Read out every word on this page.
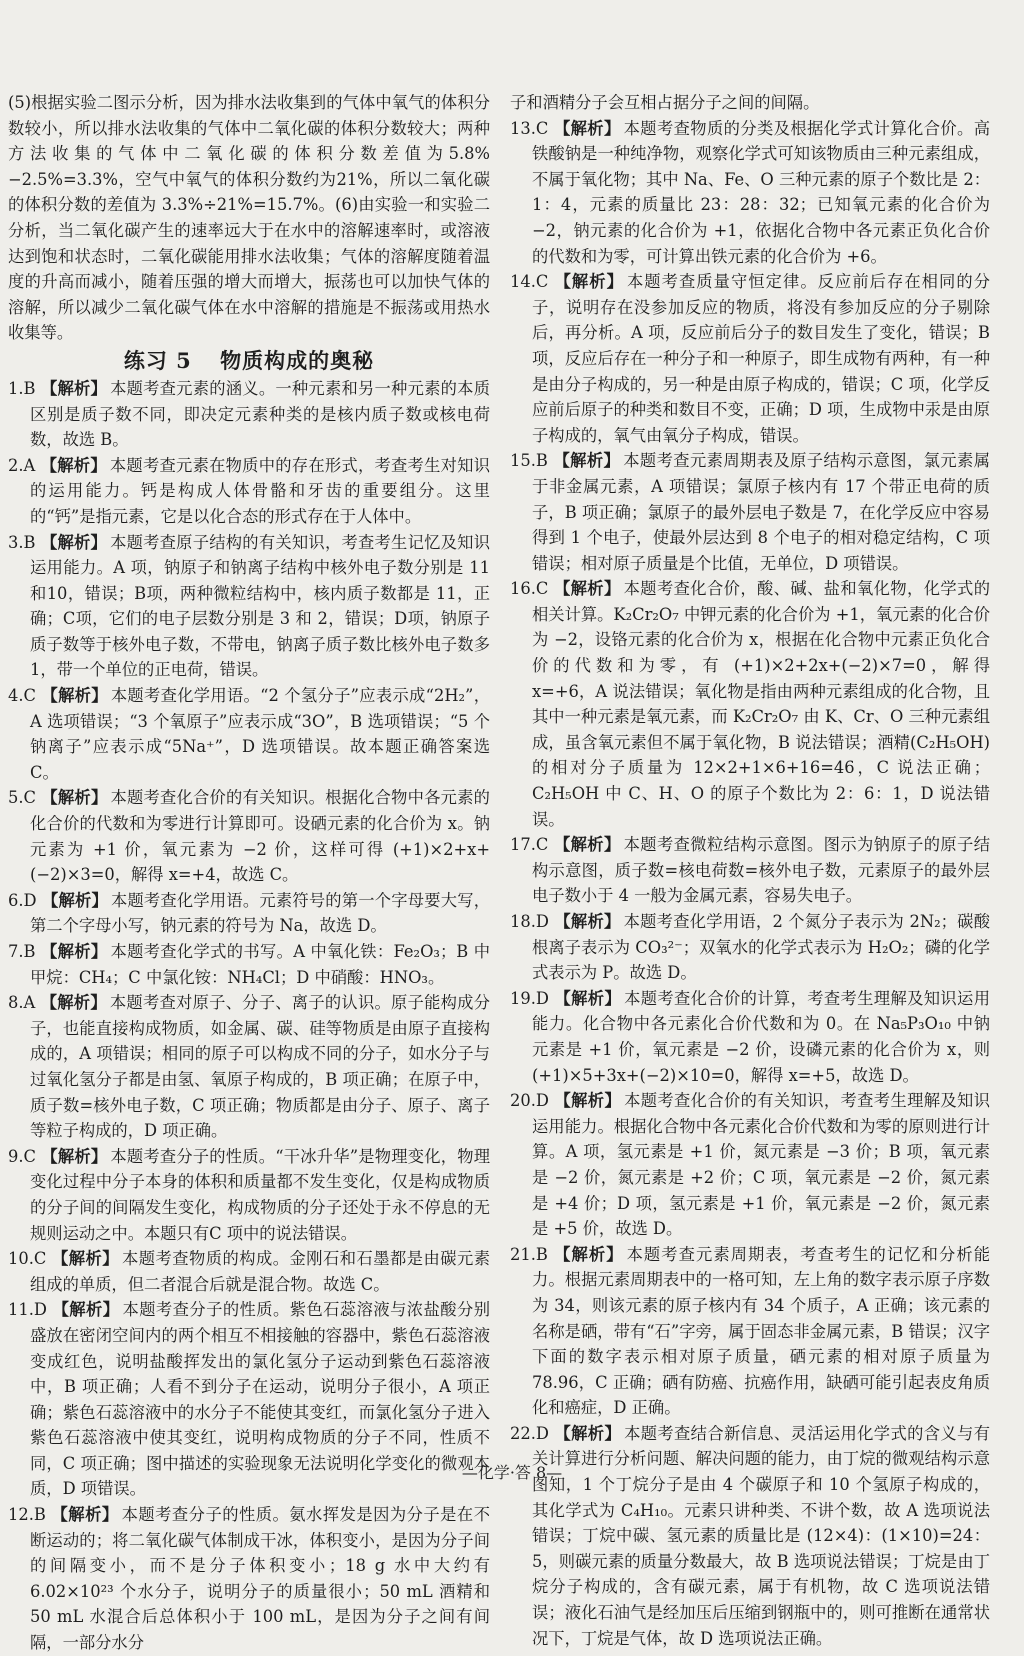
(5)根据实验二图示分析，因为排水法收集到的气体中氧气的体积分数较小，所以排水法收集的气体中二氧化碳的体积分数较大；两种方法收集的气体中二氧化碳的体积分数差值为5.8%−2.5%=3.3%，空气中氧气的体积分数约为21%，所以二氧化碳的体积分数的差值为 3.3%÷21%=15.7%。(6)由实验一和实验二分析，当二氧化碳产生的速率远大于在水中的溶解速率时，或溶液达到饱和状态时，二氧化碳能用排水法收集；气体的溶解度随着温度的升高而减小，随着压强的增大而增大，振荡也可以加快气体的溶解，所以减少二氧化碳气体在水中溶解的措施是不振荡或用热水收集等。

练习 5 物质构成的奥秘

1.B 【解析】 本题考查元素的涵义。一种元素和另一种元素的本质区别是质子数不同，即决定元素种类的是核内质子数或核电荷数，故选 B。

2.A 【解析】 本题考查元素在物质中的存在形式，考查考生对知识的运用能力。钙是构成人体骨骼和牙齿的重要组分。这里的“钙”是指元素，它是以化合态的形式存在于人体中。

3.B 【解析】 本题考查原子结构的有关知识，考查考生记忆及知识运用能力。A 项，钠原子和钠离子结构中核外电子数分别是 11和10，错误；B项，两种微粒结构中，核内质子数都是 11，正确；C项，它们的电子层数分别是 3 和 2，错误；D项，钠原子质子数等于核外电子数，不带电，钠离子质子数比核外电子数多 1，带一个单位的正电荷，错误。

4.C 【解析】 本题考查化学用语。“2 个氢分子”应表示成“2H₂”，A 选项错误；“3 个氧原子”应表示成“3O”，B 选项错误；“5 个钠离子”应表示成“5Na⁺”，D 选项错误。故本题正确答案选 C。

5.C 【解析】 本题考查化合价的有关知识。根据化合物中各元素的化合价的代数和为零进行计算即可。设硒元素的化合价为 x。钠元素为 +1 价，氧元素为 −2 价，这样可得 (+1)×2+x+(−2)×3=0，解得 x=+4，故选 C。

6.D 【解析】 本题考查化学用语。元素符号的第一个字母要大写，第二个字母小写，钠元素的符号为 Na，故选 D。

7.B 【解析】 本题考查化学式的书写。A 中氧化铁：Fe₂O₃；B 中甲烷：CH₄；C 中氯化铵：NH₄Cl；D 中硝酸：HNO₃。

8.A 【解析】 本题考查对原子、分子、离子的认识。原子能构成分子，也能直接构成物质，如金属、碳、硅等物质是由原子直接构成的，A 项错误；相同的原子可以构成不同的分子，如水分子与过氧化氢分子都是由氢、氧原子构成的，B 项正确；在原子中，质子数=核外电子数，C 项正确；物质都是由分子、原子、离子等粒子构成的，D 项正确。

9.C 【解析】 本题考查分子的性质。“干冰升华”是物理变化，物理变化过程中分子本身的体积和质量都不发生变化，仅是构成物质的分子间的间隔发生变化，构成物质的分子还处于永不停息的无规则运动之中。本题只有C 项中的说法错误。

10.C 【解析】 本题考查物质的构成。金刚石和石墨都是由碳元素组成的单质，但二者混合后就是混合物。故选 C。

11.D 【解析】 本题考查分子的性质。紫色石蕊溶液与浓盐酸分别盛放在密闭空间内的两个相互不相接触的容器中，紫色石蕊溶液变成红色，说明盐酸挥发出的氯化氢分子运动到紫色石蕊溶液中，B 项正确；人看不到分子在运动，说明分子很小，A 项正确；紫色石蕊溶液中的水分子不能使其变红，而氯化氢分子进入紫色石蕊溶液中使其变红，说明构成物质的分子不同，性质不同，C 项正确；图中描述的实验现象无法说明化学变化的微观本质，D 项错误。

12.B 【解析】 本题考查分子的性质。氨水挥发是因为分子是在不断运动的；将二氧化碳气体制成干冰，体积变小，是因为分子间的间隔变小，而不是分子体积变小；18 g 水中大约有 6.02×10²³ 个水分子，说明分子的质量很小；50 mL 酒精和 50 mL 水混合后总体积小于 100 mL，是因为分子之间有间隔，一部分水分

子和酒精分子会互相占据分子之间的间隔。

13.C 【解析】 本题考查物质的分类及根据化学式计算化合价。高铁酸钠是一种纯净物，观察化学式可知该物质由三种元素组成，不属于氧化物；其中 Na、Fe、O 三种元素的原子个数比是 2：1：4，元素的质量比 23：28：32；已知氧元素的化合价为−2，钠元素的化合价为 +1，依据化合物中各元素正负化合价的代数和为零，可计算出铁元素的化合价为 +6。

14.C 【解析】 本题考查质量守恒定律。反应前后存在相同的分子，说明存在没参加反应的物质，将没有参加反应的分子剔除后，再分析。A 项，反应前后分子的数目发生了变化，错误；B 项，反应后存在一种分子和一种原子，即生成物有两种，有一种是由分子构成的，另一种是由原子构成的，错误；C 项，化学反应前后原子的种类和数目不变，正确；D 项，生成物中汞是由原子构成的，氧气由氧分子构成，错误。

15.B 【解析】 本题考查元素周期表及原子结构示意图，氯元素属于非金属元素，A 项错误；氯原子核内有 17 个带正电荷的质子，B 项正确；氯原子的最外层电子数是 7，在化学反应中容易得到 1 个电子，使最外层达到 8 个电子的相对稳定结构，C 项错误；相对原子质量是个比值，无单位，D 项错误。

16.C 【解析】 本题考查化合价，酸、碱、盐和氧化物，化学式的相关计算。K₂Cr₂O₇ 中钾元素的化合价为 +1，氧元素的化合价为 −2，设铬元素的化合价为 x，根据在化合物中元素正负化合价的代数和为零，有 (+1)×2+2x+(−2)×7=0，解得 x=+6，A 说法错误；氧化物是指由两种元素组成的化合物，且其中一种元素是氧元素，而 K₂Cr₂O₇ 由 K、Cr、O 三种元素组成，虽含氧元素但不属于氧化物，B 说法错误；酒精(C₂H₅OH)的相对分子质量为 12×2+1×6+16=46，C 说法正确；C₂H₅OH 中 C、H、O 的原子个数比为 2：6：1，D 说法错误。

17.C 【解析】 本题考查微粒结构示意图。图示为钠原子的原子结构示意图，质子数=核电荷数=核外电子数，元素原子的最外层电子数小于 4 一般为金属元素，容易失电子。

18.D 【解析】 本题考查化学用语，2 个氮分子表示为 2N₂；碳酸根离子表示为 CO₃²⁻；双氧水的化学式表示为 H₂O₂；磷的化学式表示为 P。故选 D。

19.D 【解析】 本题考查化合价的计算，考查考生理解及知识运用能力。化合物中各元素化合价代数和为 0。在 Na₅P₃O₁₀ 中钠元素是 +1 价，氧元素是 −2 价，设磷元素的化合价为 x，则 (+1)×5+3x+(−2)×10=0，解得 x=+5，故选 D。

20.D 【解析】 本题考查化合价的有关知识，考查考生理解及知识运用能力。根据化合物中各元素化合价代数和为零的原则进行计算。A 项，氢元素是 +1 价，氮元素是 −3 价；B 项，氧元素是 −2 价，氮元素是 +2 价；C 项，氧元素是 −2 价，氮元素是 +4 价；D 项，氢元素是 +1 价，氧元素是 −2 价，氮元素是 +5 价，故选 D。

21.B 【解析】 本题考查元素周期表，考查考生的记忆和分析能力。根据元素周期表中的一格可知，左上角的数字表示原子序数为 34，则该元素的原子核内有 34 个质子，A 正确；该元素的名称是硒，带有“石”字旁，属于固态非金属元素，B 错误；汉字下面的数字表示相对原子质量，硒元素的相对原子质量为 78.96，C 正确；硒有防癌、抗癌作用，缺硒可能引起表皮角质化和癌症，D 正确。

22.D 【解析】 本题考查结合新信息、灵活运用化学式的含义与有关计算进行分析问题、解决问题的能力，由丁烷的微观结构示意图知，1 个丁烷分子是由 4 个碳原子和 10 个氢原子构成的，其化学式为 C₄H₁₀。元素只讲种类、不讲个数，故 A 选项说法错误；丁烷中碳、氢元素的质量比是 (12×4)：(1×10)=24：5，则碳元素的质量分数最大，故 B 选项说法错误；丁烷是由丁烷分子构成的，含有碳元素，属于有机物，故 C 选项说法错误；液化石油气是经加压后压缩到钢瓶中的，则可推断在通常状况下，丁烷是气体，故 D 选项说法正确。

—化学·答 8—
